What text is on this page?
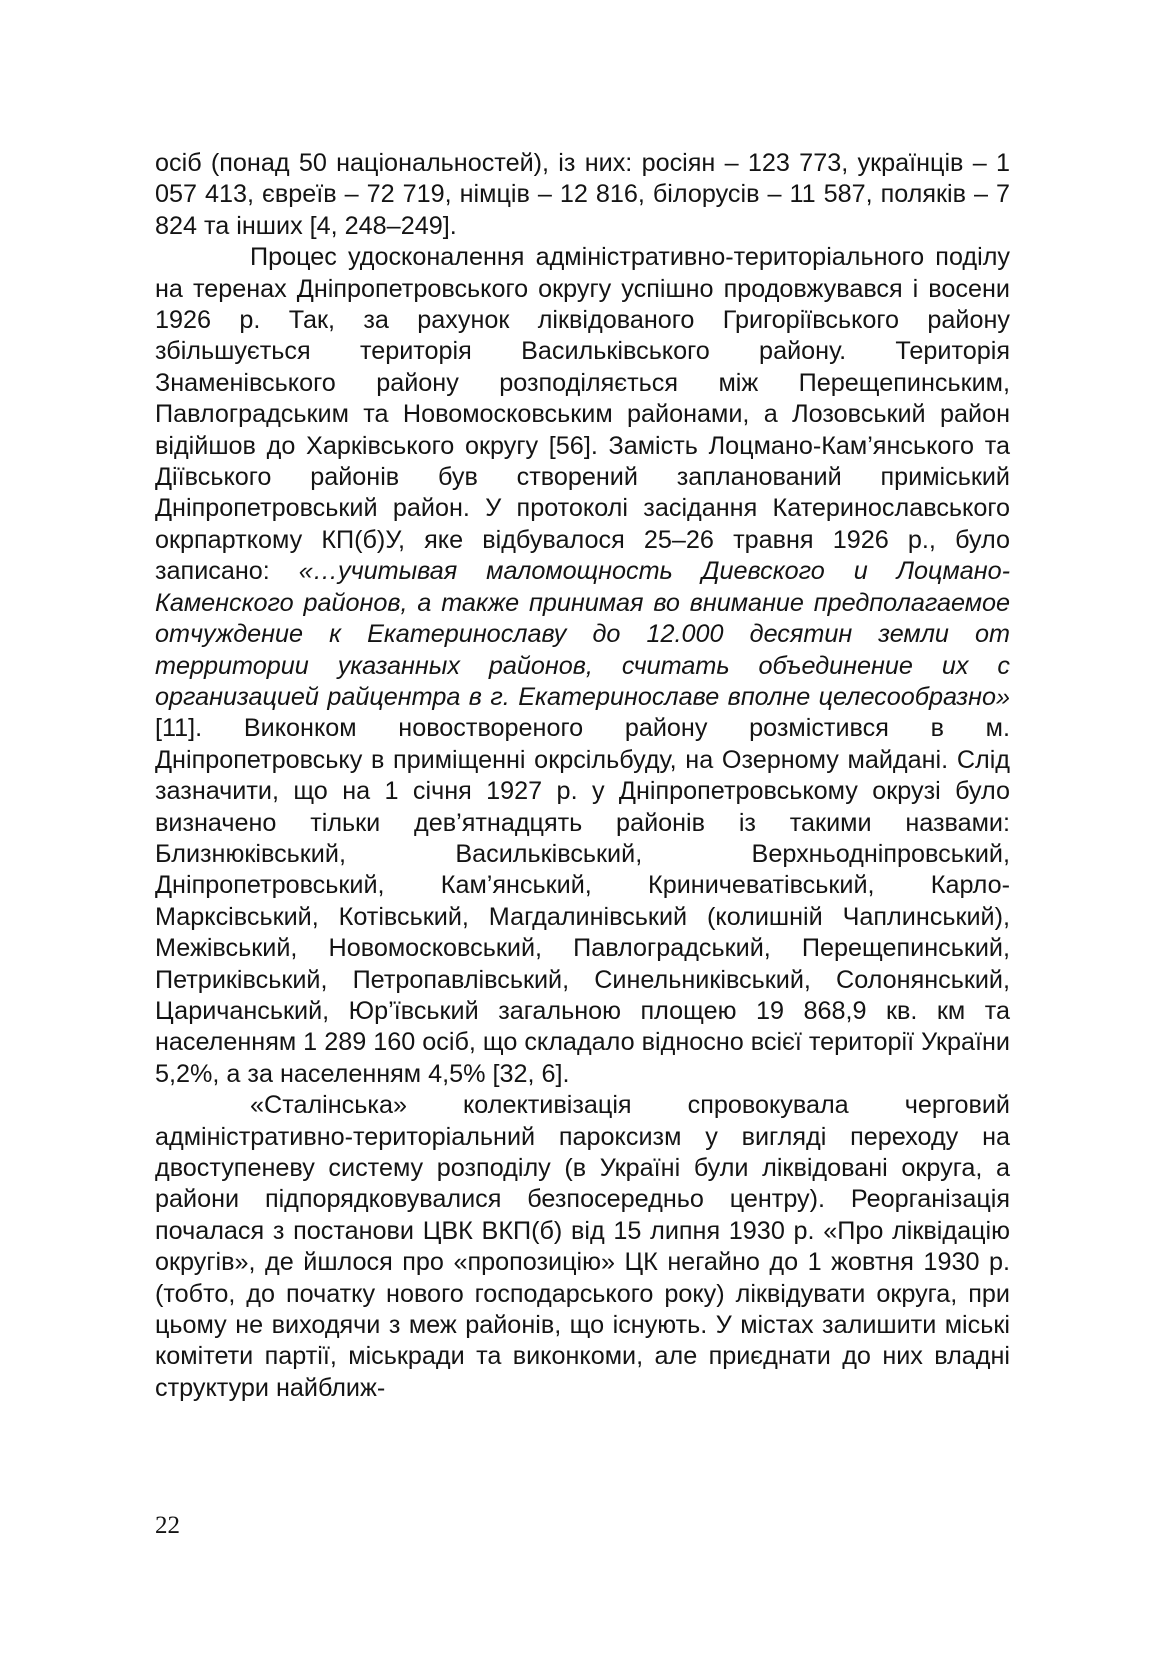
осіб (понад 50 національностей), із них: росіян – 123 773, українців – 1 057 413, євреїв – 72 719, німців – 12 816, білорусів – 11 587, поляків – 7 824 та інших [4, 248–249].

Процес удосконалення адміністративно-територіального поділу на теренах Дніпропетровського округу успішно продовжувався і восени 1926 р. Так, за рахунок ліквідованого Григоріївського району збільшується територія Васильківського району. Територія Знаменівського району розподіляється між Перещепинським, Павлоградським та Новомосковським районами, а Лозовський район відійшов до Харківського округу [56]. Замість Лоцмано-Кам’янського та Діївського районів був створений запланований приміський Дніпропетровський район. У протоколі засідання Катеринославського окрпарткому КП(б)У, яке відбувалося 25–26 травня 1926 р., було записано: «…учитывая маломощность Диевского и Лоцмано-Каменского районов, а также принимая во внимание предполагаемое отчуждение к Екатеринославу до 12.000 десятин земли от территории указанных районов, считать объединение их с организацией райцентра в г. Екатеринославе вполне целесообразно» [11]. Виконком новоствореного району розмістився в м. Дніпропетровську в приміщенні окрсільбуду, на Озерному майдані. Слід зазначити, що на 1 січня 1927 р. у Дніпропетровському окрузі було визначено тільки дев’ятнадцять районів із такими назвами: Близнюківський, Васильківський, Верхньодніпровський, Дніпропетровський, Кам’янський, Криничеватівський, Карло-Марксівський, Котівський, Магдалинівський (колишній Чаплинський), Межівський, Новомосковський, Павлоградський, Перещепинський, Петриківський, Петропавлівський, Синельниківський, Солонянський, Царичанський, Юр’ївський загальною площею 19 868,9 кв. км та населенням 1 289 160 осіб, що складало відносно всієї території України 5,2%, а за населенням 4,5% [32, 6].

«Сталінська» колективізація спровокувала черговий адміністративно-територіальний пароксизм у вигляді переходу на двоступеневу систему розподілу (в Україні були ліквідовані округа, а райони підпорядковувалися безпосередньо центру). Реорганізація почалася з постанови ЦВК ВКП(б) від 15 липня 1930 р. «Про ліквідацію округів», де йшлося про «пропозицію» ЦК негайно до 1 жовтня 1930 р. (тобто, до початку нового господарського року) ліквідувати округа, при цьому не виходячи з меж районів, що існують. У містах залишити міські комітети партії, міськради та виконкоми, але приєднати до них владні структури найближ-

22
